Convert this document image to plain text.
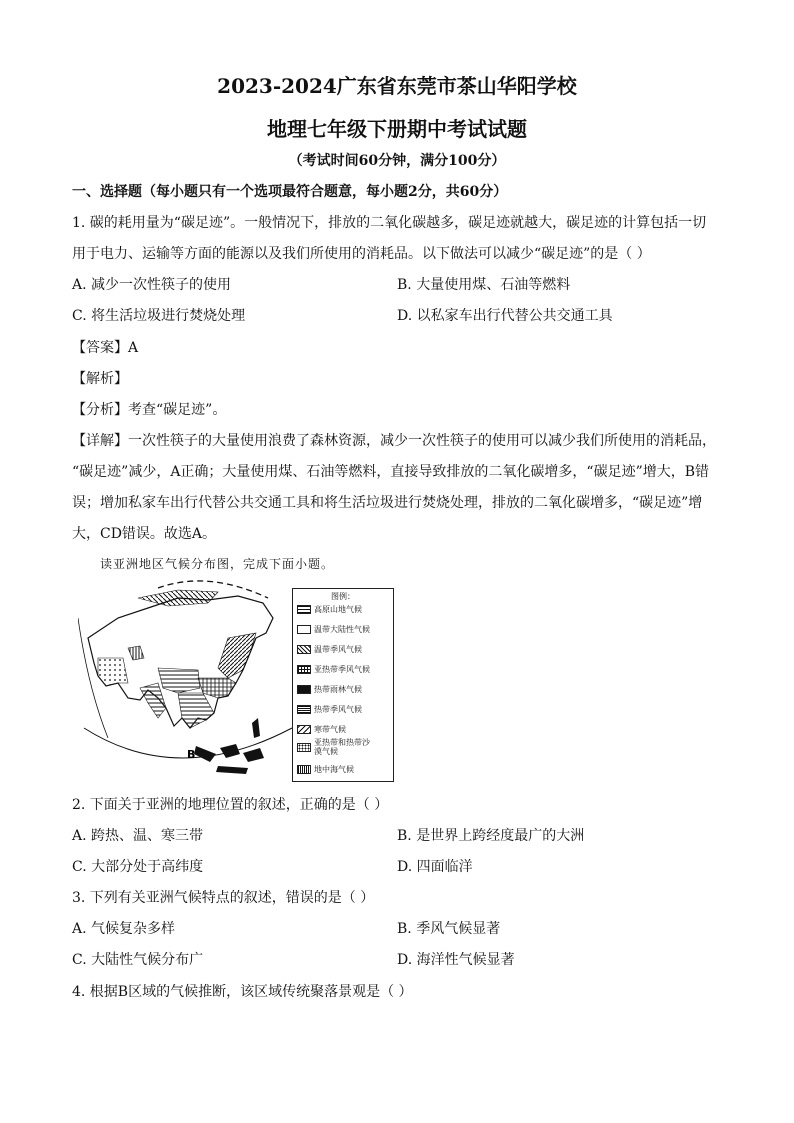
2023-2024广东省东莞市茶山华阳学校
地理七年级下册期中考试试题
（考试时间60分钟，满分100分）
一、选择题（每小题只有一个选项最符合题意，每小题2分，共60分）
1. 碳的耗用量为“碳足迹”。一般情况下，排放的二氧化碳越多，碳足迹就越大，碳足迹的计算包括一切
用于电力、运输等方面的能源以及我们所使用的消耗品。以下做法可以减少“碳足迹”的是（ ）
A. 减少一次性筷子的使用	B. 大量使用煤、石油等燃料
C. 将生活垃圾进行焚烧处理	D. 以私家车出行代替公共交通工具
【答案】A
【解析】
【分析】考查“碳足迹”。
【详解】一次性筷子的大量使用浪费了森林资源，减少一次性筷子的使用可以减少我们所使用的消耗品，
“碳足迹”减少，A正确；大量使用煤、石油等燃料，直接导致排放的二氧化碳增多，“碳足迹”增大，B错
误；增加私家车出行代替公共交通工具和将生活垃圾进行焚烧处理，排放的二氧化碳增多，“碳足迹”增
大，CD错误。故选A。
读亚洲地区气候分布图，完成下面小题。
B
图例：
高原山地气候
温带大陆性气候
温带季风气候
亚热带季风气候
热带雨林气候
热带季风气候
寒带气候
亚热带和热带沙漠气候
地中海气候
2. 下面关于亚洲的地理位置的叙述，正确的是（ ）
A. 跨热、温、寒三带	B. 是世界上跨经度最广的大洲
C. 大部分处于高纬度	D. 四面临洋
3. 下列有关亚洲气候特点的叙述，错误的是（ ）
A. 气候复杂多样	B. 季风气候显著
C. 大陆性气候分布广	D. 海洋性气候显著
4. 根据B区域的气候推断，该区域传统聚落景观是（ ）
